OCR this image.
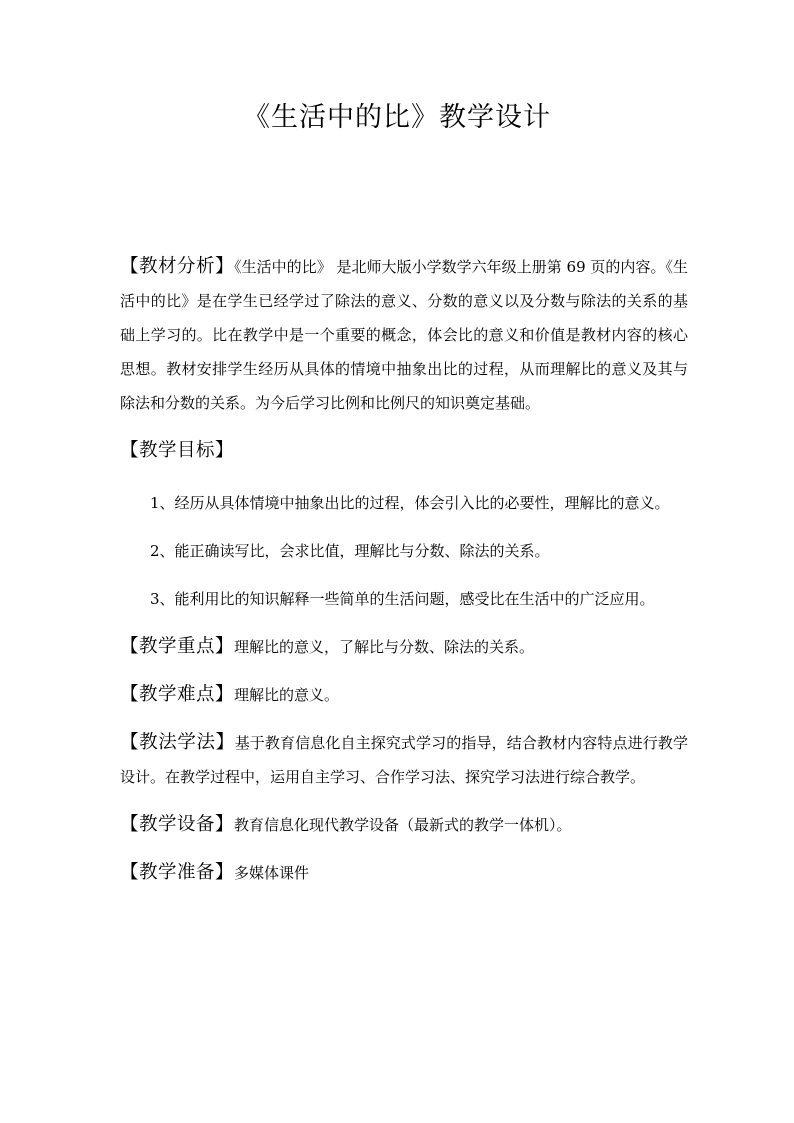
《生活中的比》教学设计

【教材分析】《生活中的比》 是北师大版小学数学六年级上册第 69 页的内容。《生活中的比》是在学生已经学过了除法的意义、分数的意义以及分数与除法的关系的基础上学习的。比在教学中是一个重要的概念，体会比的意义和价值是教材内容的核心思想。教材安排学生经历从具体的情境中抽象出比的过程，从而理解比的意义及其与除法和分数的关系。为今后学习比例和比例尺的知识奠定基础。

【教学目标】

1、经历从具体情境中抽象出比的过程，体会引入比的必要性，理解比的意义。

2、能正确读写比，会求比值，理解比与分数、除法的关系。

3、能利用比的知识解释一些简单的生活问题，感受比在生活中的广泛应用。

【教学重点】理解比的意义，了解比与分数、除法的关系。

【教学难点】理解比的意义。

【教法学法】基于教育信息化自主探究式学习的指导，结合教材内容特点进行教学设计。在教学过程中，运用自主学习、合作学习法、探究学习法进行综合教学。

【教学设备】教育信息化现代教学设备（最新式的教学一体机）。

【教学准备】多媒体课件
